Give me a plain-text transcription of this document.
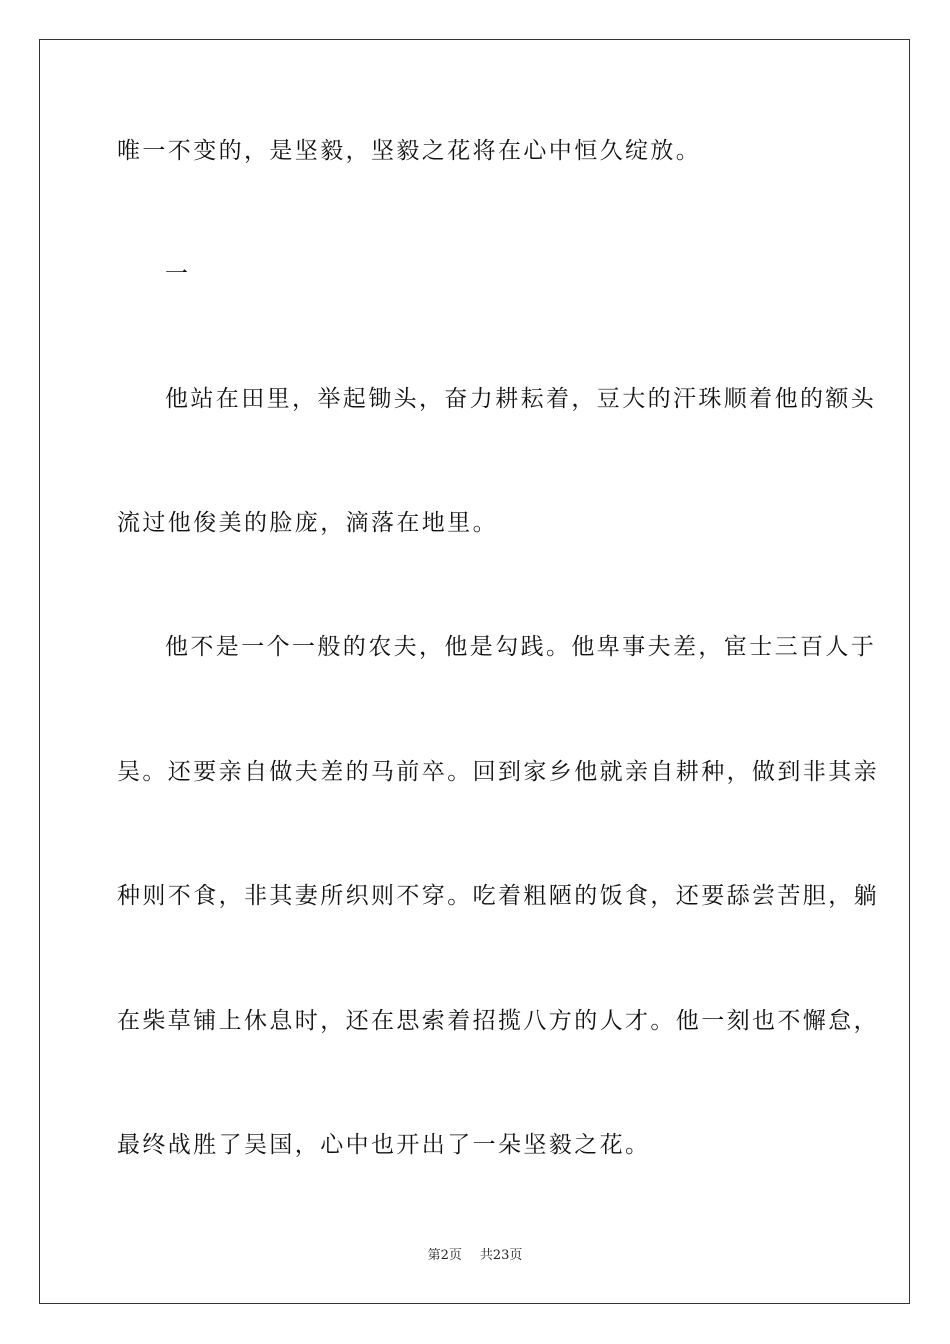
唯一不变的，是坚毅，坚毅之花将在心中恒久绽放。
一
他站在田里，举起锄头，奋力耕耘着，豆大的汗珠顺着他的额头
流过他俊美的脸庞，滴落在地里。
他不是一个一般的农夫，他是勾践。他卑事夫差，宦士三百人于
吴。还要亲自做夫差的马前卒。回到家乡他就亲自耕种，做到非其亲
种则不食，非其妻所织则不穿。吃着粗陋的饭食，还要舔尝苦胆，躺
在柴草铺上休息时，还在思索着招揽八方的人才。他一刻也不懈怠，
最终战胜了吴国，心中也开出了一朵坚毅之花。
第2页 共23页
